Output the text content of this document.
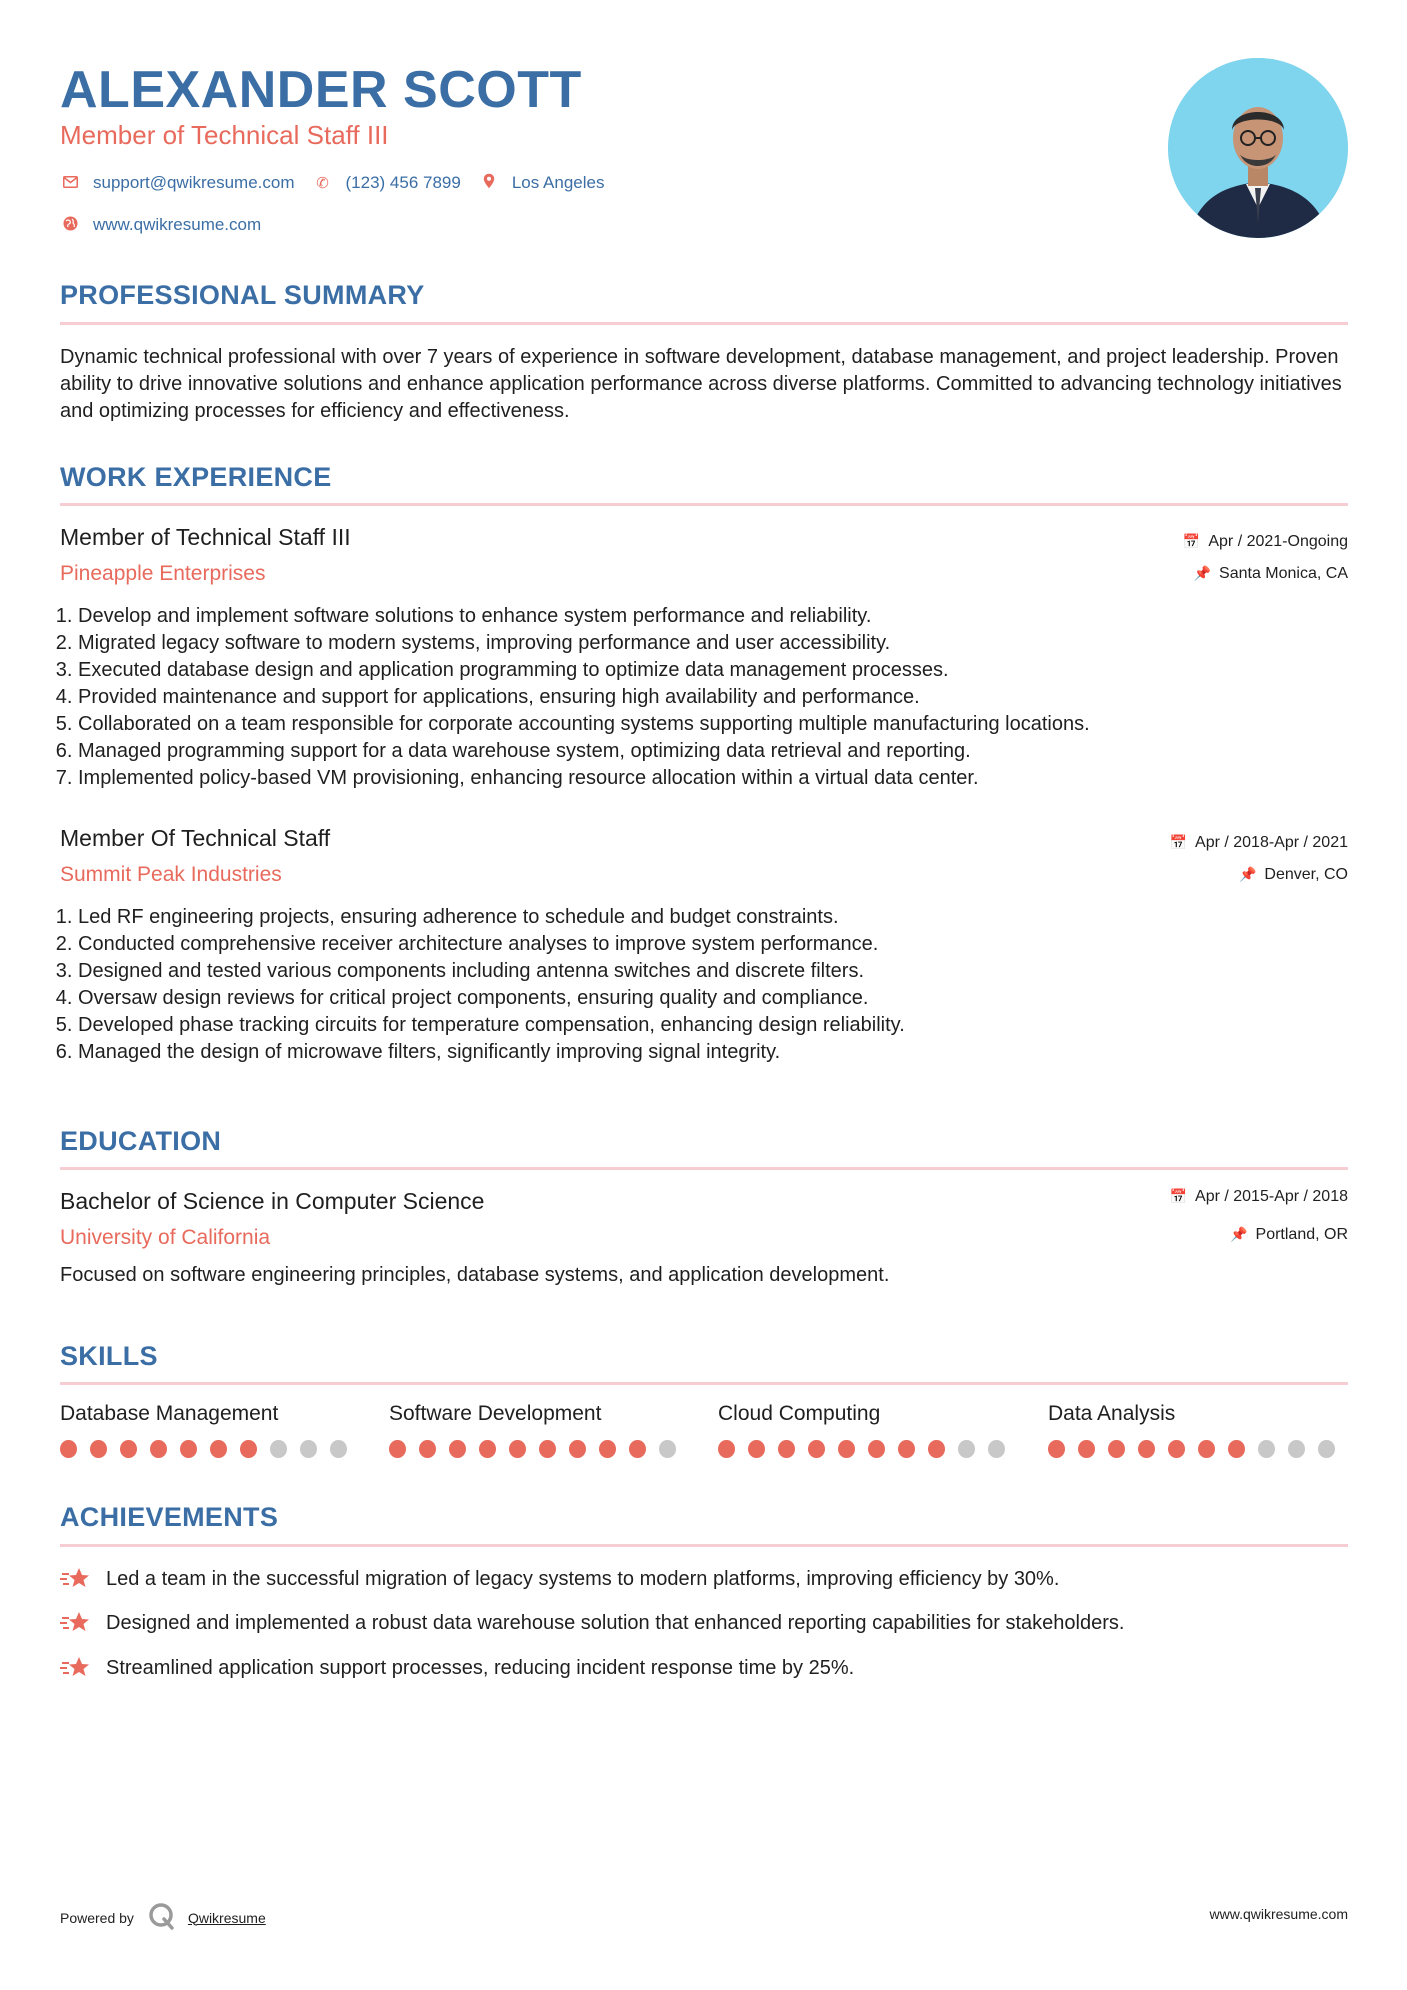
ALEXANDER SCOTT
Member of Technical Staff III
support@qwikresume.com ✆ (123) 456 7899	Los Angeles
www.qwikresume.com
PROFESSIONAL SUMMARY
Dynamic technical professional with over 7 years of experience in software development, database management, and project leadership. Proven ability to drive innovative solutions and enhance application performance across diverse platforms. Committed to advancing technology initiatives and optimizing processes for efficiency and effectiveness.
WORK EXPERIENCE
Member of Technical Staff III
Pineapple Enterprises
📅 Apr / 2021-Ongoing
📌 Santa Monica, CA
1. Develop and implement software solutions to enhance system performance and reliability.
2. Migrated legacy software to modern systems, improving performance and user accessibility.
3. Executed database design and application programming to optimize data management processes.
4. Provided maintenance and support for applications, ensuring high availability and performance.
5. Collaborated on a team responsible for corporate accounting systems supporting multiple manufacturing locations.
6. Managed programming support for a data warehouse system, optimizing data retrieval and reporting.
7. Implemented policy-based VM provisioning, enhancing resource allocation within a virtual data center.
Member Of Technical Staff
Summit Peak Industries
📅 Apr / 2018-Apr / 2021
📌 Denver, CO
1. Led RF engineering projects, ensuring adherence to schedule and budget constraints.
2. Conducted comprehensive receiver architecture analyses to improve system performance.
3. Designed and tested various components including antenna switches and discrete filters.
4. Oversaw design reviews for critical project components, ensuring quality and compliance.
5. Developed phase tracking circuits for temperature compensation, enhancing design reliability.
6. Managed the design of microwave filters, significantly improving signal integrity.
EDUCATION
Bachelor of Science in Computer Science
University of California
📅 Apr / 2015-Apr / 2018
📌 Portland, OR
Focused on software engineering principles, database systems, and application development.
SKILLS
Database Management	Software Development	Cloud Computing	Data Analysis
ACHIEVEMENTS
Led a team in the successful migration of legacy systems to modern platforms, improving efficiency by 30%.
Designed and implemented a robust data warehouse solution that enhanced reporting capabilities for stakeholders.
Streamlined application support processes, reducing incident response time by 25%.
Powered by	Qwikresume	www.qwikresume.com
